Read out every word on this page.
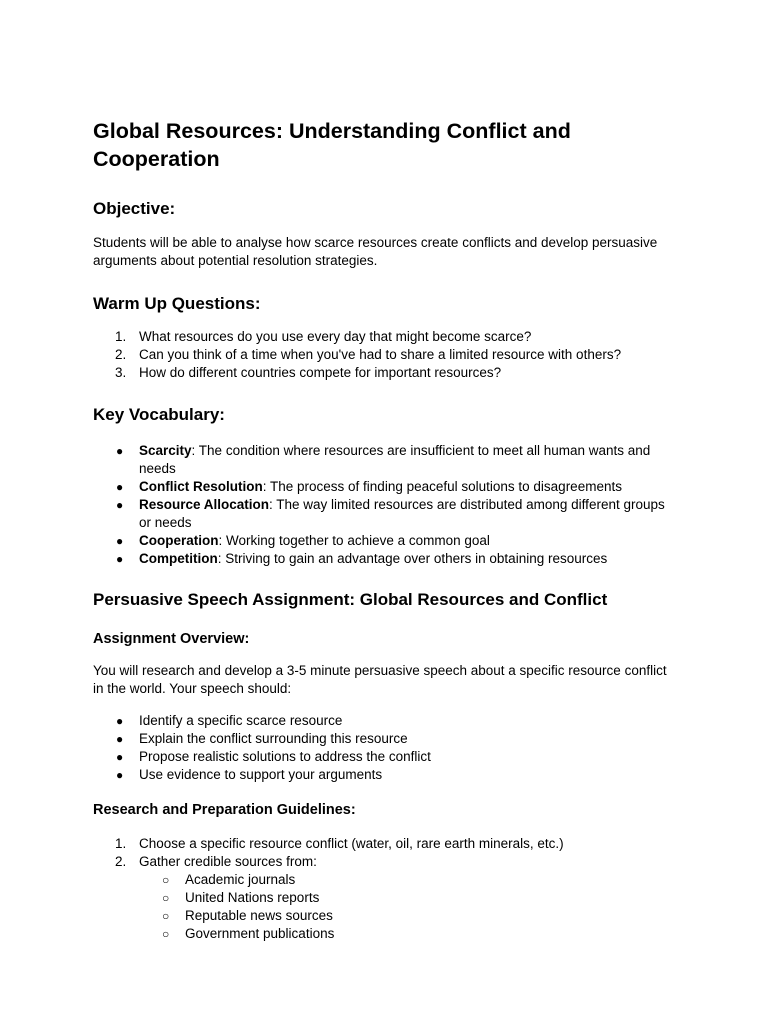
Global Resources: Understanding Conflict and Cooperation
Objective:

Students will be able to analyse how scarce resources create conflicts and develop persuasive arguments about potential resolution strategies.

Warm Up Questions:
1. What resources do you use every day that might become scarce?
2. Can you think of a time when you've had to share a limited resource with others?
3. How do different countries compete for important resources?
Key Vocabulary:
● Scarcity: The condition where resources are insufficient to meet all human wants and needs
● Conflict Resolution: The process of finding peaceful solutions to disagreements
● Resource Allocation: The way limited resources are distributed among different groups or needs
● Cooperation: Working together to achieve a common goal
● Competition: Striving to gain an advantage over others in obtaining resources
Persuasive Speech Assignment: Global Resources and Conflict
Assignment Overview:

You will research and develop a 3-5 minute persuasive speech about a specific resource conflict in the world. Your speech should:

● Identify a specific scarce resource
● Explain the conflict surrounding this resource
● Propose realistic solutions to address the conflict
● Use evidence to support your arguments
Research and Preparation Guidelines:
1. Choose a specific resource conflict (water, oil, rare earth minerals, etc.)
2. Gather credible sources from:
○ Academic journals
○ United Nations reports
○ Reputable news sources
○ Government publications
